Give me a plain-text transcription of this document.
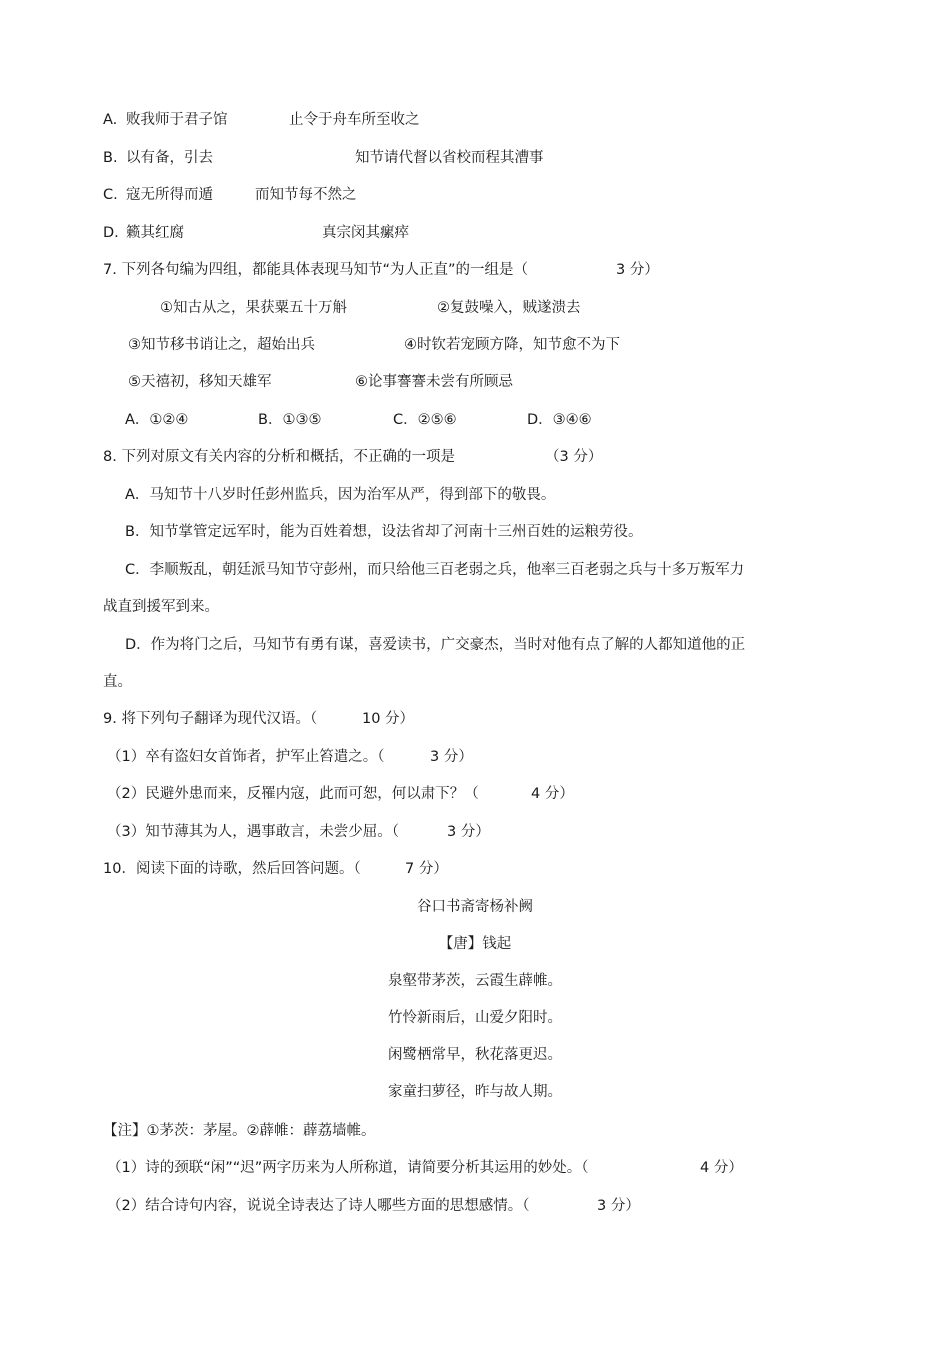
A. 败我师于君子馆	止令于舟车所至收之
B. 以有备，引去	知节请代督以省校而程其漕事
C. 寇无所得而遁	而知节每不然之
D. 籁其红腐	真宗闵其瘰瘁
7. 下列各句编为四组，都能具体表现马知节“为人正直”的一组是（	3 分）
①知古从之，果获粟五十万斛	②复鼓噪入，贼遂溃去
③知节移书诮让之，超始出兵	④时钦若宠顾方降，知节愈不为下
⑤天禧初，移知天雄军	⑥论事謇謇未尝有所顾忌
A．①②④	B．①③⑤	C．②⑤⑥	D．③④⑥
8. 下列对原文有关内容的分析和概括，不正确的一项是	（3 分）
A．马知节十八岁时任彭州监兵，因为治军从严，得到部下的敬畏。
B．知节掌管定远军时，能为百姓着想，设法省却了河南十三州百姓的运粮劳役。
C．李顺叛乱，朝廷派马知节守彭州，而只给他三百老弱之兵，他率三百老弱之兵与十多万叛军力
战直到援军到来。
D．作为将门之后，马知节有勇有谋，喜爱读书，广交豪杰，当时对他有点了解的人都知道他的正
直。
9. 将下列句子翻译为现代汉语。（	10 分）
（1）卒有盗妇女首饰者，护军止笞遣之。（	3 分）
（2）民避外患而来，反罹内寇，此而可恕，何以肃下？（	4 分）
（3）知节薄其为人，遇事敢言，未尝少屈。（	3 分）
10．阅读下面的诗歌，然后回答问题。（	7 分）
谷口书斋寄杨补阙
【唐】钱起
泉壑带茅茨，云霞生薜帷。
竹怜新雨后，山爱夕阳时。
闲鹭栖常早，秋花落更迟。
家童扫萝径，昨与故人期。
【注】①茅茨：茅屋。②薜帷：薜荔墙帷。
（1）诗的颈联“闲”“迟”两字历来为人所称道，请简要分析其运用的妙处。（	4 分）
（2）结合诗句内容，说说全诗表达了诗人哪些方面的思想感情。（	3 分）
